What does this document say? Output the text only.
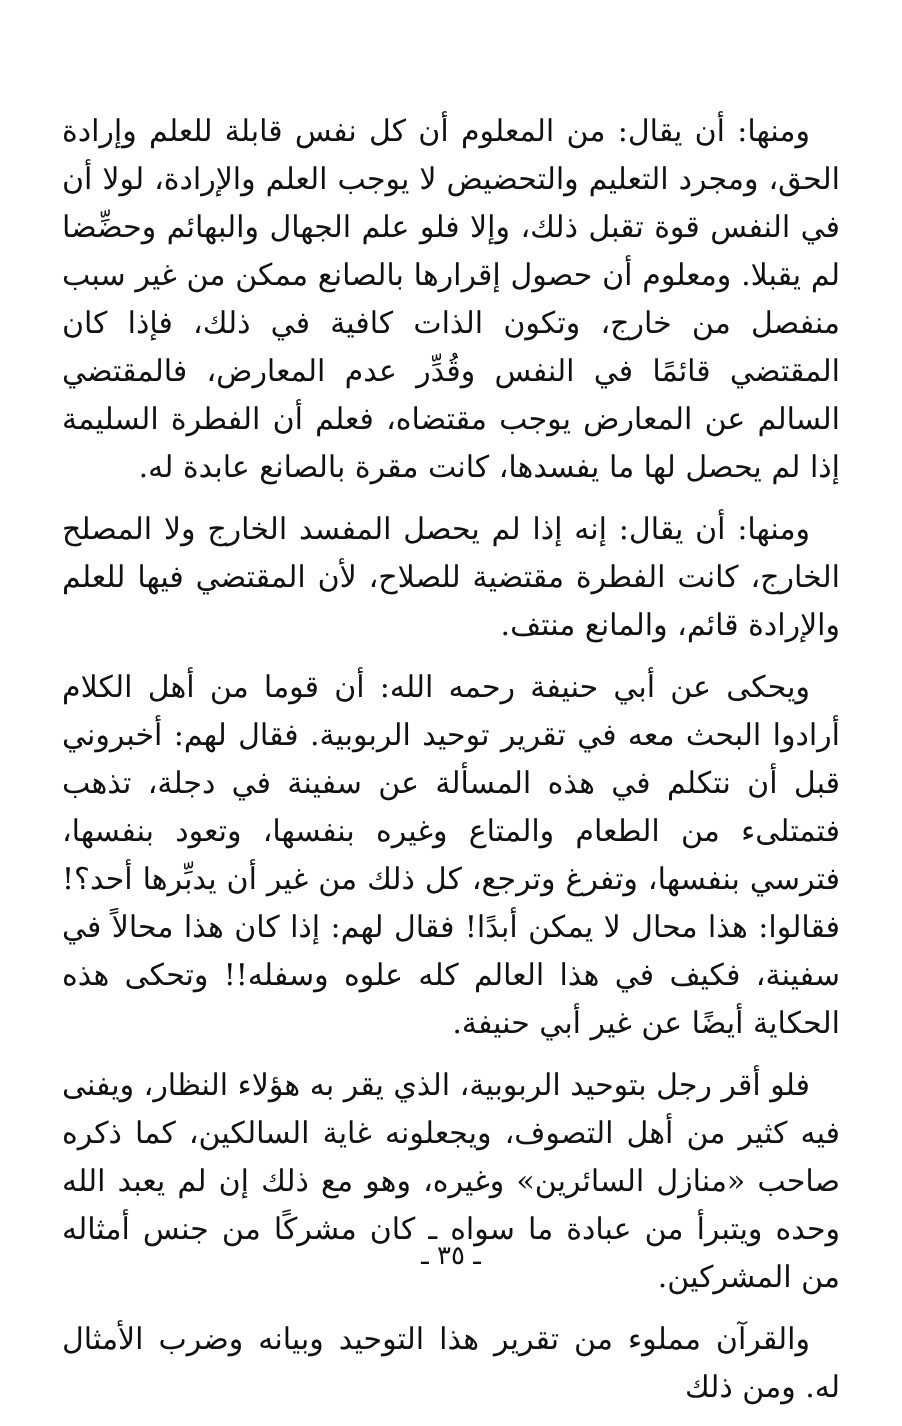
ومنها: أن يقال: من المعلوم أن كل نفس قابلة للعلم وإرادة الحق، ومجرد التعليم والتحضيض لا يوجب العلم والإرادة، لولا أن في النفس قوة تقبل ذلك، وإلا فلو علم الجهال والبهائم وحضِّضا لم يقبلا. ومعلوم أن حصول إقرارها بالصانع ممكن من غير سبب منفصل من خارج، وتكون الذات كافية في ذلك، فإذا كان المقتضي قائمًا في النفس وقُدِّر عدم المعارض، فالمقتضي السالم عن المعارض يوجب مقتضاه، فعلم أن الفطرة السليمة إذا لم يحصل لها ما يفسدها، كانت مقرة بالصانع عابدة له.

ومنها: أن يقال: إنه إذا لم يحصل المفسد الخارج ولا المصلح الخارج، كانت الفطرة مقتضية للصلاح، لأن المقتضي فيها للعلم والإرادة قائم، والمانع منتف.

ويحكى عن أبي حنيفة رحمه الله: أن قوما من أهل الكلام أرادوا البحث معه في تقرير توحيد الربوبية. فقال لهم: أخبروني قبل أن نتكلم في هذه المسألة عن سفينة في دجلة، تذهب فتمتلىء من الطعام والمتاع وغيره بنفسها، وتعود بنفسها، فترسي بنفسها، وتفرغ وترجع، كل ذلك من غير أن يدبِّرها أحد؟! فقالوا: هذا محال لا يمكن أبدًا! فقال لهم: إذا كان هذا محالاً في سفينة، فكيف في هذا العالم كله علوه وسفله!! وتحكى هذه الحكاية أيضًا عن غير أبي حنيفة.

فلو أقر رجل بتوحيد الربوبية، الذي يقر به هؤلاء النظار، ويفنى فيه كثير من أهل التصوف، ويجعلونه غاية السالكين، كما ذكره صاحب «منازل السائرين» وغيره، وهو مع ذلك إن لم يعبد الله وحده ويتبرأ من عبادة ما سواه ـ كان مشركًا من جنس أمثاله من المشركين.

والقرآن مملوء من تقرير هذا التوحيد وبيانه وضرب الأمثال له. ومن ذلك

ـ ٣٥ ـ
